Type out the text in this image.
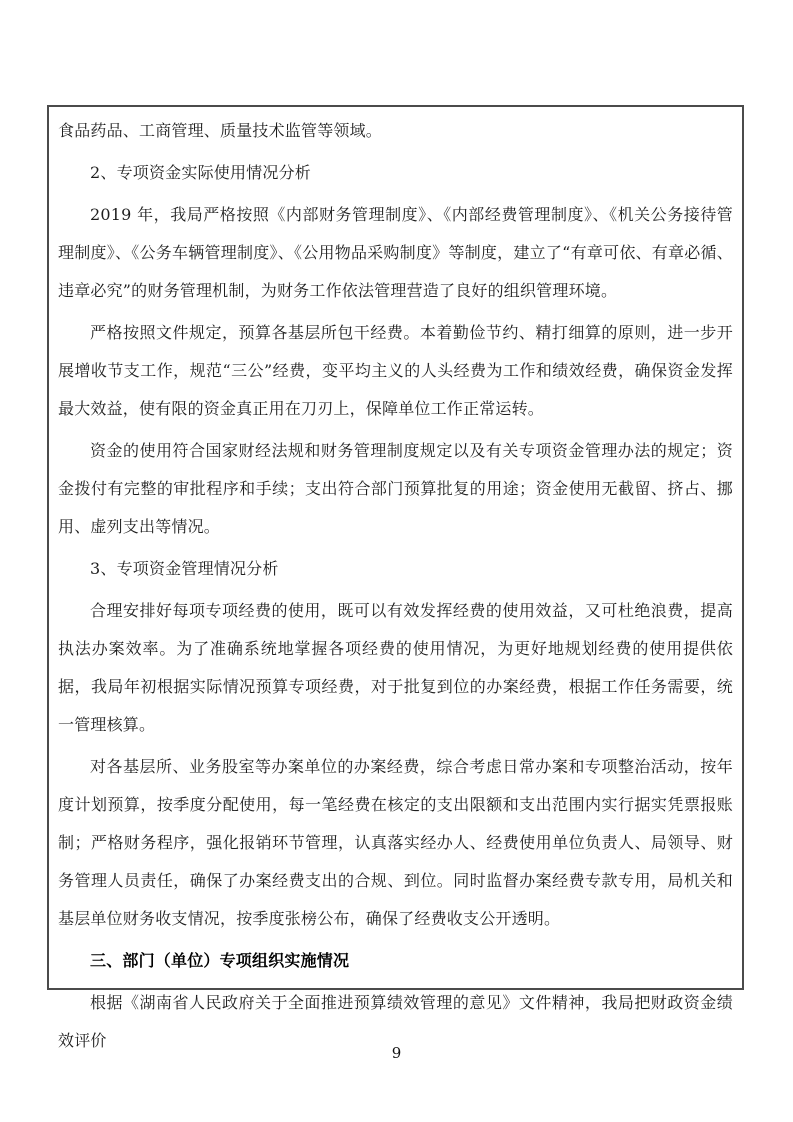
食品药品、工商管理、质量技术监管等领域。

2、专项资金实际使用情况分析

2019 年，我局严格按照《内部财务管理制度》、《内部经费管理制度》、《机关公务接待管理制度》、《公务车辆管理制度》、《公用物品采购制度》等制度，建立了“有章可依、有章必循、违章必究”的财务管理机制，为财务工作依法管理营造了良好的组织管理环境。

严格按照文件规定，预算各基层所包干经费。本着勤俭节约、精打细算的原则，进一步开展增收节支工作，规范“三公”经费，变平均主义的人头经费为工作和绩效经费，确保资金发挥最大效益，使有限的资金真正用在刀刃上，保障单位工作正常运转。

资金的使用符合国家财经法规和财务管理制度规定以及有关专项资金管理办法的规定；资金拨付有完整的审批程序和手续；支出符合部门预算批复的用途；资金使用无截留、挤占、挪用、虚列支出等情况。

3、专项资金管理情况分析

合理安排好每项专项经费的使用，既可以有效发挥经费的使用效益，又可杜绝浪费，提高执法办案效率。为了准确系统地掌握各项经费的使用情况，为更好地规划经费的使用提供依据，我局年初根据实际情况预算专项经费，对于批复到位的办案经费，根据工作任务需要，统一管理核算。

对各基层所、业务股室等办案单位的办案经费，综合考虑日常办案和专项整治活动，按年度计划预算，按季度分配使用，每一笔经费在核定的支出限额和支出范围内实行据实凭票报账制；严格财务程序，强化报销环节管理，认真落实经办人、经费使用单位负责人、局领导、财务管理人员责任，确保了办案经费支出的合规、到位。同时监督办案经费专款专用，局机关和基层单位财务收支情况，按季度张榜公布，确保了经费收支公开透明。

三、部门（单位）专项组织实施情况

根据《湖南省人民政府关于全面推进预算绩效管理的意见》文件精神，我局把财政资金绩效评价

9
